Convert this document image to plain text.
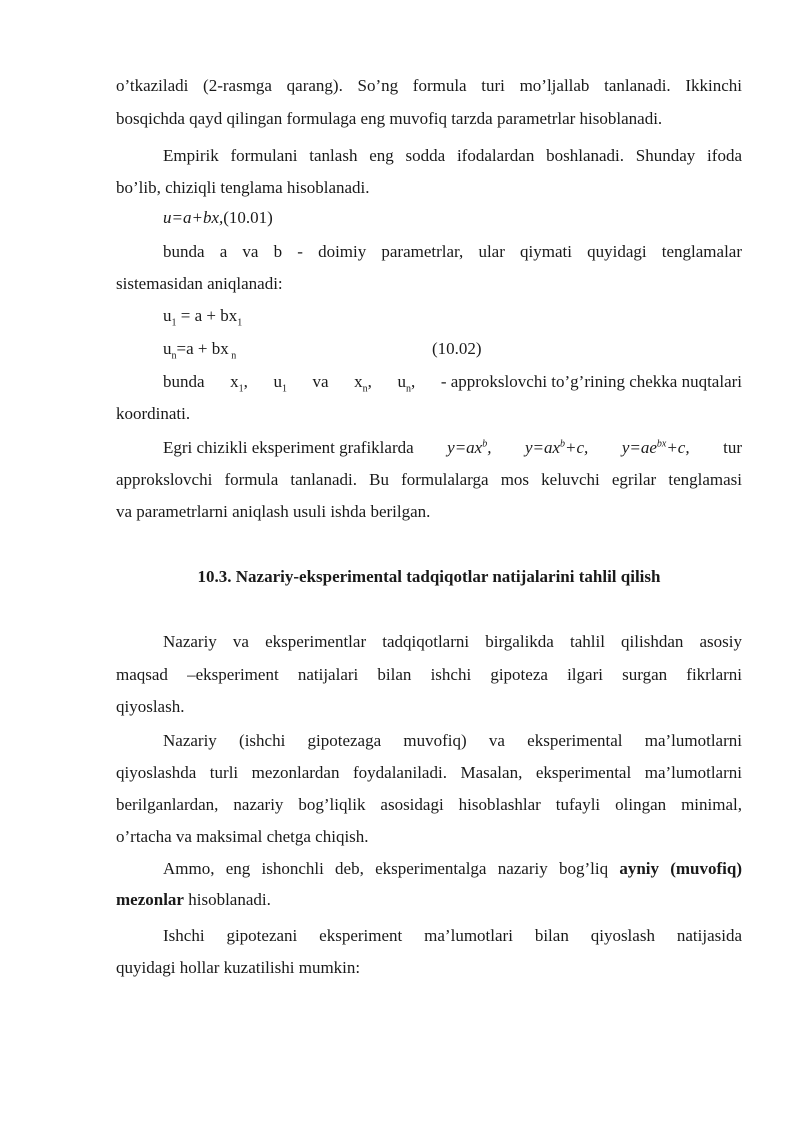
o’tkaziladi (2-rasmga qarang). So’ng formula turi mo’ljallab tanlanadi. Ikkinchi
bosqichda qayd qilingan formulaga eng muvofiq tarzda parametrlar hisoblanadi.
Empirik formulani tanlash eng sodda ifodalardan boshlanadi. Shunday ifoda
bo’lib, chiziqli tenglama hisoblanadi.
u=a+bx,(10.01)
bunda a va b - doimiy parametrlar, ular qiymati quyidagi tenglamalar
sistemasidan aniqlanadi:
$u_1 = a + bx_1$
$u_n=a$ + bx $_n$	(10.02)
bunda $x_1$, $u_1$ va $x_n$, $u_n$, - approkslovchi to’g’rining chekka nuqtalari
koordinati.
Egri chizikli eksperiment grafiklarda $y=ax^b$, $y=ax^b+c$, $y=ae^{bx}+c$, tur
approkslovchi formula tanlanadi. Bu formulalarga mos keluvchi egrilar tenglamasi
va parametrlarni aniqlash usuli ishda berilgan.
10.3. Nazariy-eksperimental tadqiqotlar natijalarini tahlil qilish
Nazariy va eksperimentlar tadqiqotlarni birgalikda tahlil qilishdan asosiy
maqsad –eksperiment natijalari bilan ishchi gipoteza ilgari surgan fikrlarni
qiyoslash.
Nazariy (ishchi gipotezaga muvofiq) va eksperimental ma’lumotlarni
qiyoslashda turli mezonlardan foydalaniladi. Masalan, eksperimental ma’lumotlarni
berilganlardan, nazariy bog’liqlik asosidagi hisoblashlar tufayli olingan minimal,
o’rtacha va maksimal chetga chiqish.
Ammo, eng ishonchli deb, eksperimentalga nazariy bog’liq ayniy (muvofiq)
mezonlar hisoblanadi.
Ishchi gipotezani eksperiment ma’lumotlari bilan qiyoslash natijasida
quyidagi hollar kuzatilishi mumkin:
